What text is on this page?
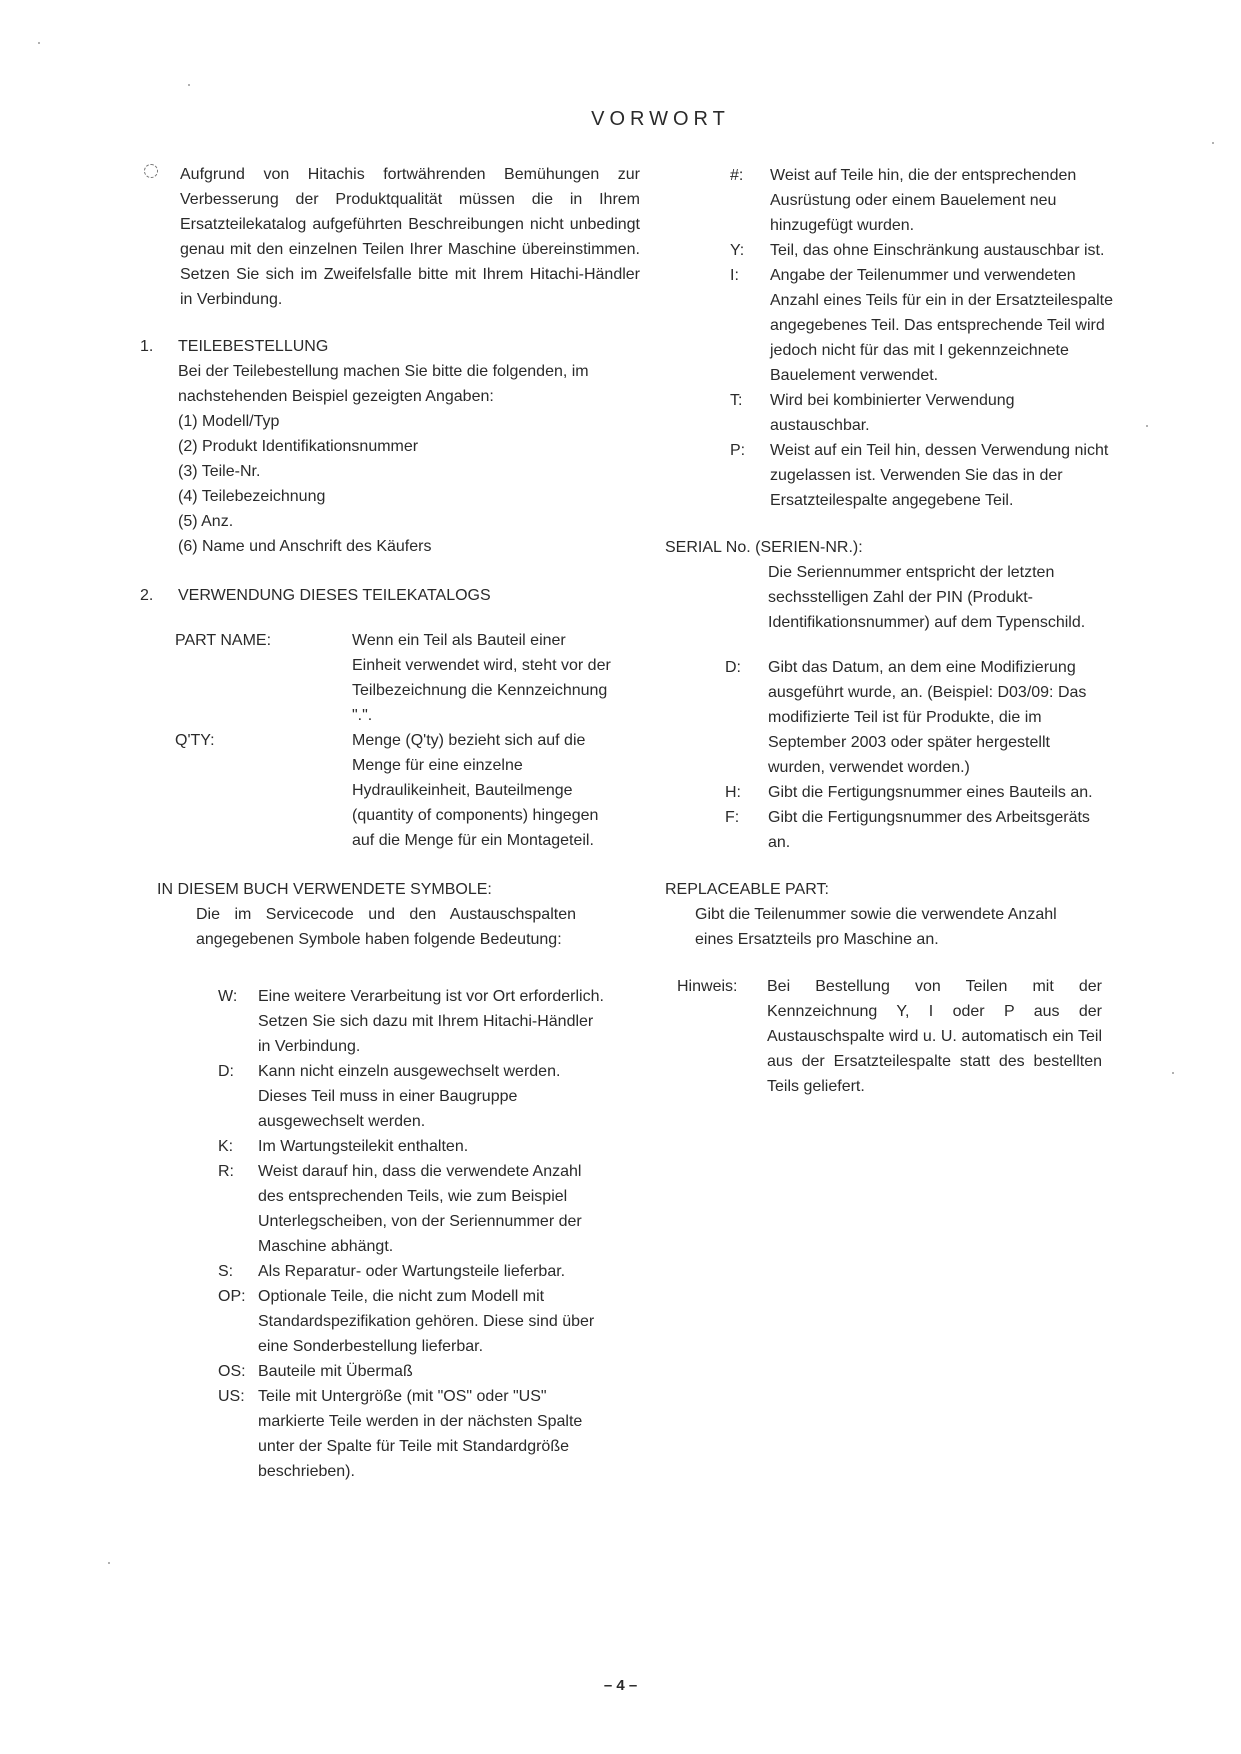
VORWORT
Aufgrund von Hitachis fortwährenden Bemühungen zur Verbesserung der Produktqualität müssen die in Ihrem Ersatzteilekatalog aufgeführten Beschreibungen nicht unbedingt genau mit den einzelnen Teilen Ihrer Maschine übereinstimmen. Setzen Sie sich im Zweifelsfalle bitte mit Ihrem Hitachi-Händler in Verbindung.
1.	TEILEBESTELLUNG
Bei der Teilebestellung machen Sie bitte die folgenden, im nachstehenden Beispiel gezeigten Angaben:
(1) Modell/Typ
(2) Produkt Identifikationsnummer
(3) Teile-Nr.
(4) Teilebezeichnung
(5) Anz.
(6) Name und Anschrift des Käufers
2.	VERWENDUNG DIESES TEILEKATALOGS
PART NAME:	Wenn ein Teil als Bauteil einer Einheit verwendet wird, steht vor der Teilbezeichnung die Kennzeichnung ".".
Q'TY:	Menge (Q'ty) bezieht sich auf die Menge für eine einzelne Hydraulikeinheit, Bauteilmenge (quantity of components) hingegen auf die Menge für ein Montageteil.
IN DIESEM BUCH VERWENDETE SYMBOLE:
Die im Servicecode und den Austauschspalten angegebenen Symbole haben folgende Bedeutung:
W:	Eine weitere Verarbeitung ist vor Ort erforderlich. Setzen Sie sich dazu mit Ihrem Hitachi-Händler in Verbindung.
D:	Kann nicht einzeln ausgewechselt werden. Dieses Teil muss in einer Baugruppe ausgewechselt werden.
K:	Im Wartungsteilekit enthalten.
R:	Weist darauf hin, dass die verwendete Anzahl des entsprechenden Teils, wie zum Beispiel Unterlegscheiben, von der Seriennummer der Maschine abhängt.
S:	Als Reparatur- oder Wartungsteile lieferbar.
OP: Optionale Teile, die nicht zum Modell mit Standardspezifikation gehören. Diese sind über eine Sonderbestellung lieferbar.
OS: Bauteile mit Übermaß
US: Teile mit Untergröße (mit "OS" oder "US" markierte Teile werden in der nächsten Spalte unter der Spalte für Teile mit Standardgröße beschrieben).
#:	Weist auf Teile hin, die der entsprechenden Ausrüstung oder einem Bauelement neu hinzugefügt wurden.
Y:	Teil, das ohne Einschränkung austauschbar ist.
I:	Angabe der Teilenummer und verwendeten Anzahl eines Teils für ein in der Ersatzteilespalte angegebenes Teil. Das entsprechende Teil wird jedoch nicht für das mit I gekennzeichnete Bauelement verwendet.
T:	Wird bei kombinierter Verwendung austauschbar.
P:	Weist auf ein Teil hin, dessen Verwendung nicht zugelassen ist. Verwenden Sie das in der Ersatzteilespalte angegebene Teil.
SERIAL No. (SERIEN-NR.):
Die Seriennummer entspricht der letzten sechsstelligen Zahl der PIN (Produkt-Identifikationsnummer) auf dem Typenschild.
D:	Gibt das Datum, an dem eine Modifizierung ausgeführt wurde, an. (Beispiel: D03/09: Das modifizierte Teil ist für Produkte, die im September 2003 oder später hergestellt wurden, verwendet worden.)
H:	Gibt die Fertigungsnummer eines Bauteils an.
F:	Gibt die Fertigungsnummer des Arbeitsgeräts an.
REPLACEABLE PART:
Gibt die Teilenummer sowie die verwendete Anzahl eines Ersatzteils pro Maschine an.
Hinweis:	Bei Bestellung von Teilen mit der Kennzeichnung Y, I oder P aus der Austauschspalte wird u. U. automatisch ein Teil aus der Ersatzteilespalte statt des bestellten Teils geliefert.
– 4 –
